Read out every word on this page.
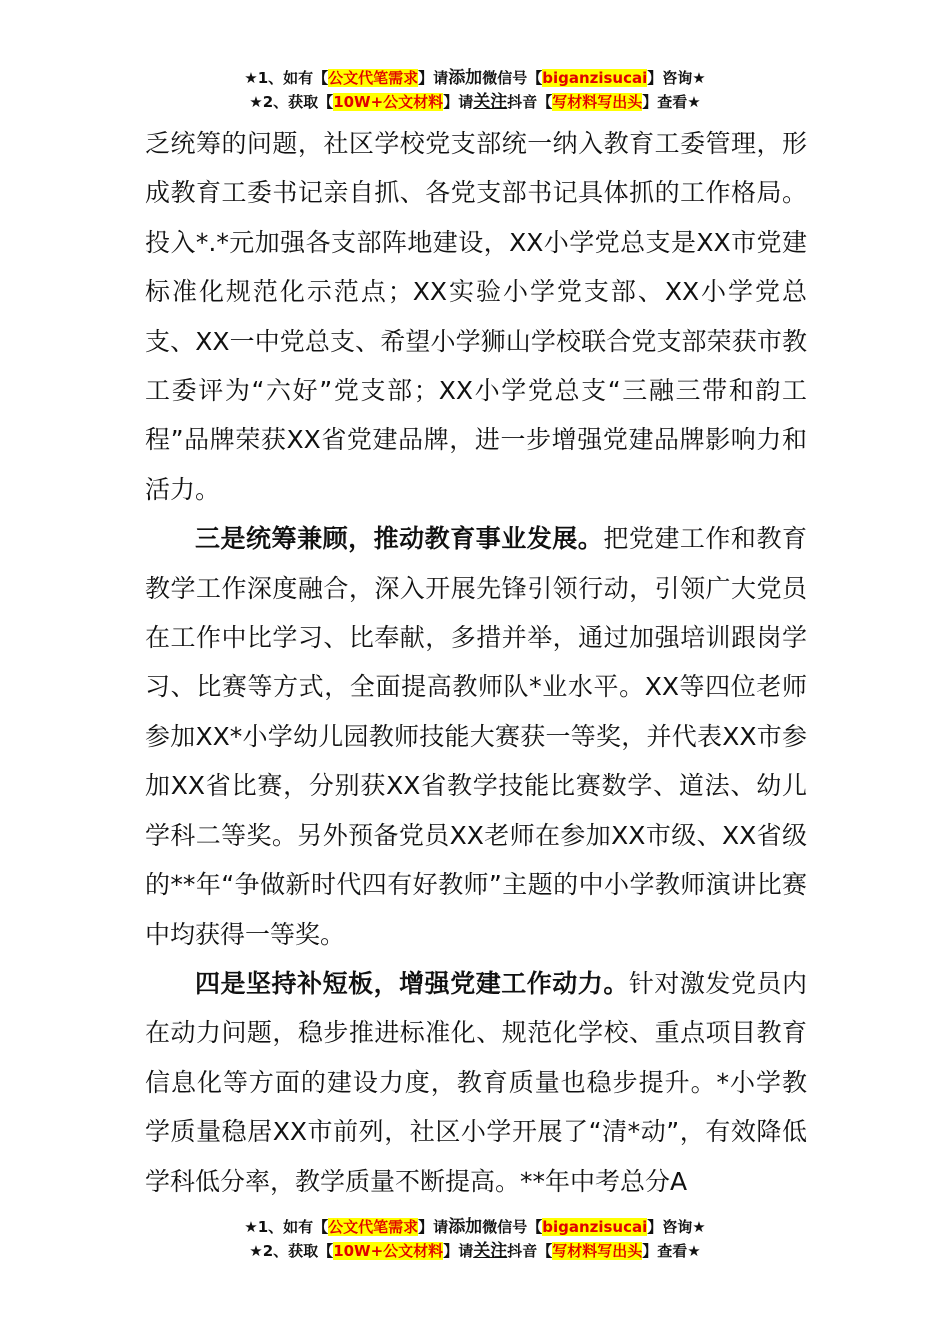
★1、如有【公文代笔需求】请添加微信号【biganzisucai】咨询★
★2、获取【10W+公文材料】请关注抖音【写材料写出头】查看★

乏统筹的问题，社区学校党支部统一纳入教育工委管理，形成教育工委书记亲自抓、各党支部书记具体抓的工作格局。投入*.*元加强各支部阵地建设，XX小学党总支是XX市党建标准化规范化示范点；XX实验小学党支部、XX小学党总支、XX一中党总支、希望小学狮山学校联合党支部荣获市教工委评为“六好”党支部；XX小学党总支“三融三带和韵工程”品牌荣获XX省党建品牌，进一步增强党建品牌影响力和活力。

三是统筹兼顾，推动教育事业发展。把党建工作和教育教学工作深度融合，深入开展先锋引领行动，引领广大党员在工作中比学习、比奉献，多措并举，通过加强培训跟岗学习、比赛等方式，全面提高教师队*业水平。XX等四位老师参加XX*小学幼儿园教师技能大赛获一等奖，并代表XX市参加XX省比赛，分别获XX省教学技能比赛数学、道法、幼儿学科二等奖。另外预备党员XX老师在参加XX市级、XX省级的**年“争做新时代四有好教师”主题的中小学教师演讲比赛中均获得一等奖。

四是坚持补短板，增强党建工作动力。针对激发党员内在动力问题，稳步推进标准化、规范化学校、重点项目教育信息化等方面的建设力度，教育质量也稳步提升。*小学教学质量稳居XX市前列，社区小学开展了“清*动”，有效降低学科低分率，教学质量不断提高。**年中考总分A

★1、如有【公文代笔需求】请添加微信号【biganzisucai】咨询★
★2、获取【10W+公文材料】请关注抖音【写材料写出头】查看★
